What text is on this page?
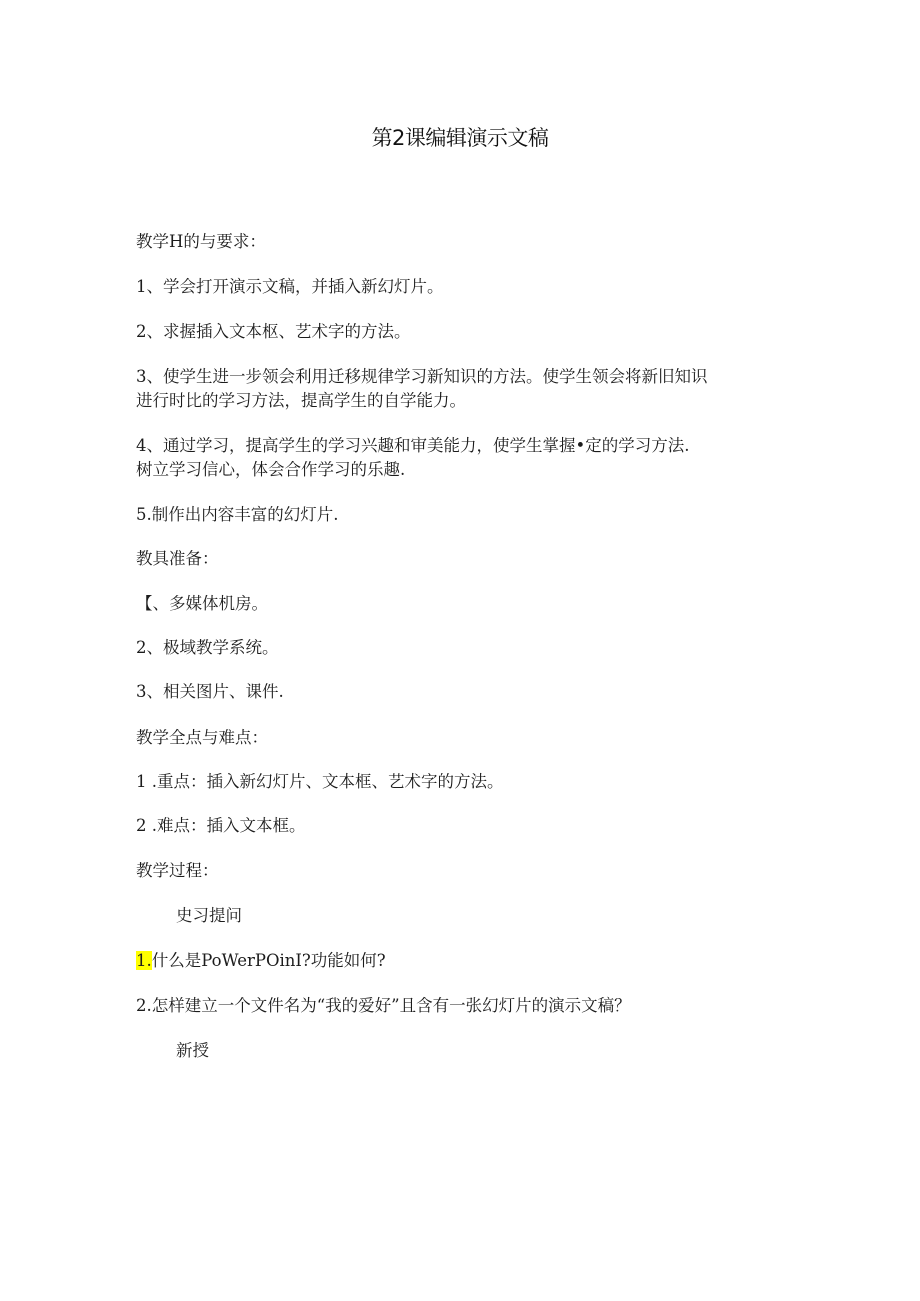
第2课编辑演示文稿
教学H的与要求：
1、学会打开演示文稿，并插入新幻灯片。
2、求握插入文本枢、艺术字的方法。
3、使学生进一步领会利用迁移规律学习新知识的方法。使学生领会将新旧知识
进行时比的学习方法，提高学生的自学能力。
4、通过学习，提高学生的学习兴趣和审美能力，使学生掌握•定的学习方法.
树立学习信心，体会合作学习的乐趣.
5.制作出内容丰富的幻灯片.
教具准备：
【、多媒体机房。
2、极域教学系统。
3、相关图片、课件.
教学全点与难点：
1 .重点：插入新幻灯片、文本框、艺术字的方法。
2 .难点：插入文本框。
教学过程：
史习提问
1.什么是PoWerPOinI?功能如何?
2.怎样建立一个文件名为“我的爱好”且含有一张幻灯片的演示文稿？
新授
